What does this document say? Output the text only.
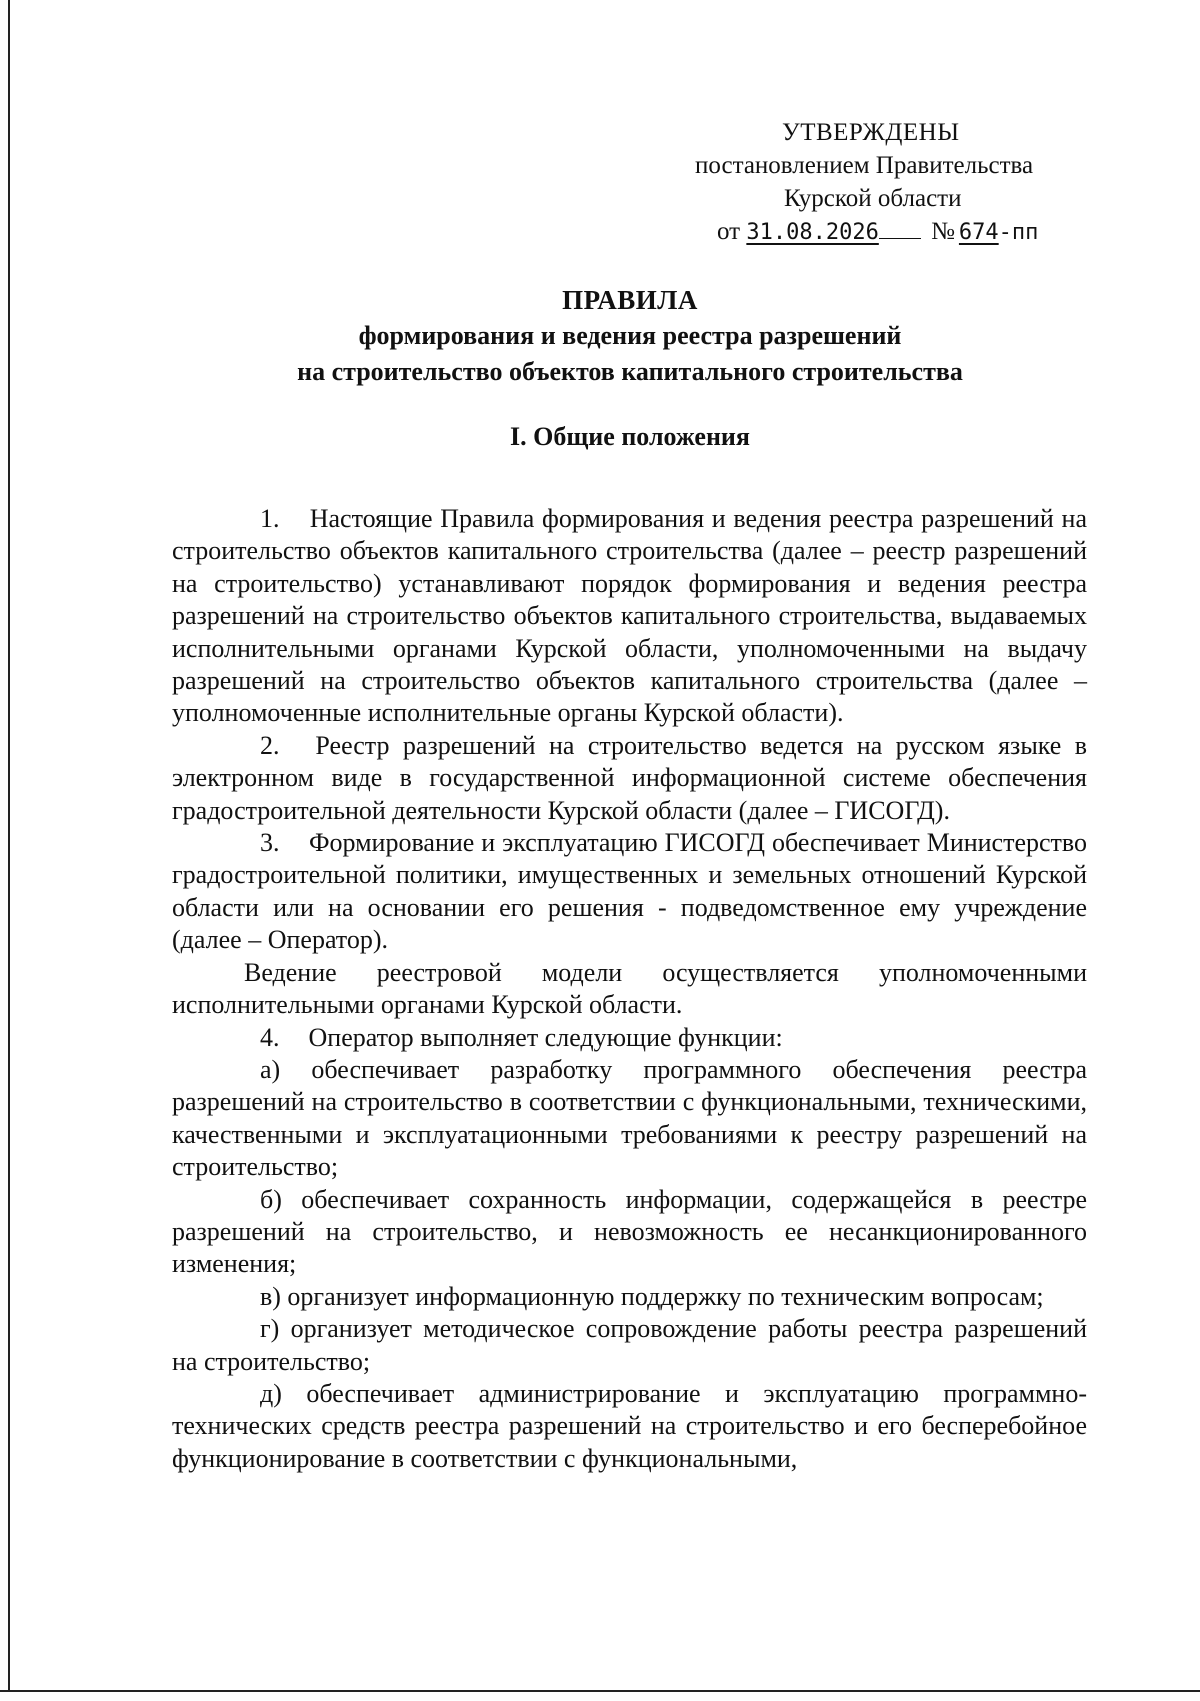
УТВЕРЖДЕНЫ
постановлением Правительства
Курской области
от 31.08.2026 № 674-пп
ПРАВИЛА
формирования и ведения реестра разрешений
на строительство объектов капитального строительства
I. Общие положения

1. Настоящие Правила формирования и ведения реестра разрешений на строительство объектов капитального строительства (далее – реестр разрешений на строительство) устанавливают порядок формирования и ведения реестра разрешений на строительство объектов капитального строительства, выдаваемых исполнительными органами Курской области, уполномоченными на выдачу разрешений на строительство объектов капитального строительства (далее – уполномоченные исполнительные органы Курской области).

2. Реестр разрешений на строительство ведется на русском языке в электронном виде в государственной информационной системе обеспечения градостроительной деятельности Курской области (далее – ГИСОГД).

3. Формирование и эксплуатацию ГИСОГД обеспечивает Министерство градостроительной политики, имущественных и земельных отношений Курской области или на основании его решения - подведомственное ему учреждение (далее – Оператор).

Ведение реестровой модели осуществляется уполномоченными исполнительными органами Курской области.

4. Оператор выполняет следующие функции:

а) обеспечивает разработку программного обеспечения реестра разрешений на строительство в соответствии с функциональными, техническими, качественными и эксплуатационными требованиями к реестру разрешений на строительство;

б) обеспечивает сохранность информации, содержащейся в реестре разрешений на строительство, и невозможность ее несанкционированного изменения;

в) организует информационную поддержку по техническим вопросам;

г) организует методическое сопровождение работы реестра разрешений на строительство;

д) обеспечивает администрирование и эксплуатацию программно-технических средств реестра разрешений на строительство и его бесперебойное функционирование в соответствии с функциональными,
